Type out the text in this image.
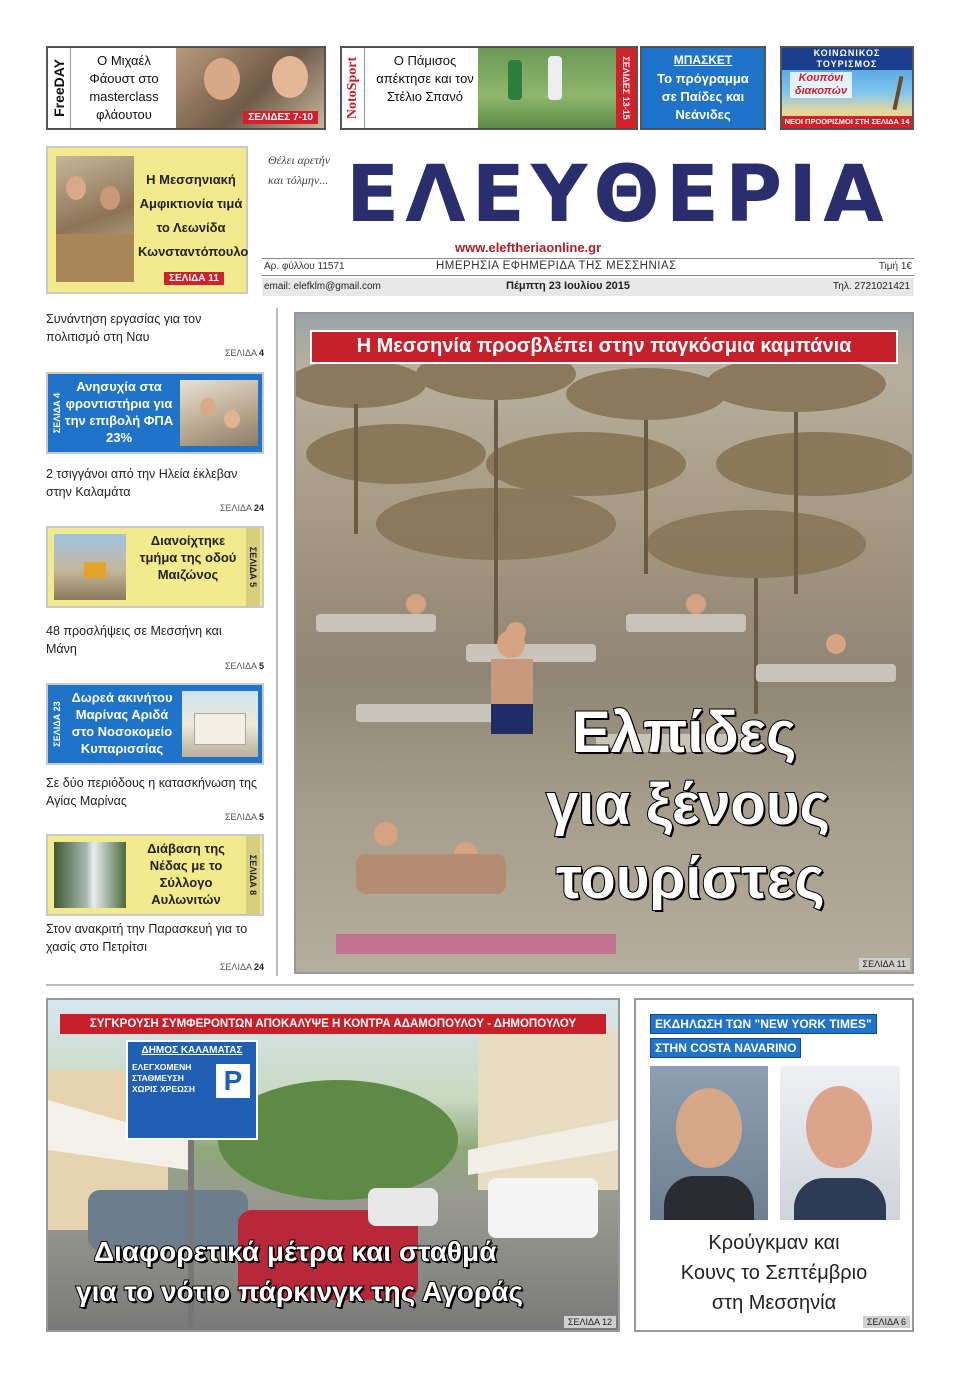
FreeDAY	Ο Μιχαέλ Φάουστ στο masterclass φλάουτου	ΣΕΛΙΔΕΣ 7-10	NotoSport	Ο Πάμισος απέκτησε και τον Στέλιο Σπανό	ΣΕΛΙΔΕΣ 13-15	ΜΠΑΣΚΕΤ
Το πρόγραμμα σε Παίδες και Νεάνιδες
ΚΟΙΝΩΝΙΚΟΣ ΤΟΥΡΙΣΜΟΣ
Κουπόνι διακοπών
ΝΕΟΙ ΠΡΟΟΡΙΣΜΟΙ ΣΤΗ ΣΕΛΙΔΑ 14
Η Μεσσηνιακή Αμφικτιονία τιμά το Λεωνίδα Κωνσταντόπουλο
ΣΕΛΙΔΑ 11
Θέλει αρετήν και τόλμην... ΕΛΕΥΘΕΡΙΑ
www.eleftheriaonline.gr
Αρ. φύλλου 11571	ΗΜΕΡΗΣΙΑ ΕΦΗΜΕΡΙΔΑ ΤΗΣ ΜΕΣΣΗΝΙΑΣ	Τιμή 1€
email: elefklm@gmail.com	Πέμπτη 23 Ιουλίου 2015	Τηλ. 2721021421
Συνάντηση εργασίας για τον πολιτισμό στη Ναυ
ΣΕΛΙΔΑ 4
ΣΕΛΙΔΑ 4
Ανησυχία στα φροντιστήρια για την επιβολή ΦΠΑ 23%
2 τσιγγάνοι από την Ηλεία έκλεβαν στην Καλαμάτα
ΣΕΛΙΔΑ 24
Διανοίχτηκε τμήμα της οδού Μαιζώνος	ΣΕΛΙΔΑ 5
48 προσλήψεις σε Μεσσήνη και Μάνη
ΣΕΛΙΔΑ 5
ΣΕΛΙΔΑ 23
Δωρεά ακινήτου Μαρίνας Αριδά στο Νοσοκομείο Κυπαρισσίας
Σε δύο περιόδους η κατασκήνωση της Αγίας Μαρίνας
ΣΕΛΙΔΑ 5
Διάβαση της Νέδας με το Σύλλογο Αυλωνιτών
ΣΕΛΙΔΑ 8
Στον ανακριτή την Παρασκευή για το χασίς στο Πετρίτσι
ΣΕΛΙΔΑ 24
Η Μεσσηνία προσβλέπει στην παγκόσμια καμπάνια
Ελπίδες
για ξένους
τουρίστες
ΣΕΛΙΔΑ 11
ΔΗΜΟΣ ΚΑΛΑΜΑΤΑΣ
ΕΛΕΓΧΟΜΕΝΗ ΣΤΑΘΜΕΥΣΗ ΧΩΡΙΣ ΧΡΕΩΣΗ	P
ΣΥΓΚΡΟΥΣΗ ΣΥΜΦΕΡΟΝΤΩΝ ΑΠΟΚΑΛΥΨΕ Η ΚΟΝΤΡΑ ΑΔΑΜΟΠΟΥΛΟΥ - ΔΗΜΟΠΟΥΛΟΥ
Διαφορετικά μέτρα και σταθμά
για το νότιο πάρκινγκ της Αγοράς
ΣΕΛΙΔΑ 12
ΕΚΔΗΛΩΣΗ ΤΩΝ "NEW YORK TIMES"
ΣΤΗΝ COSTA NAVARINO
Κρούγκμαν και
Κουνς το Σεπτέμβριο
στη Μεσσηνία
ΣΕΛΙΔΑ 6
